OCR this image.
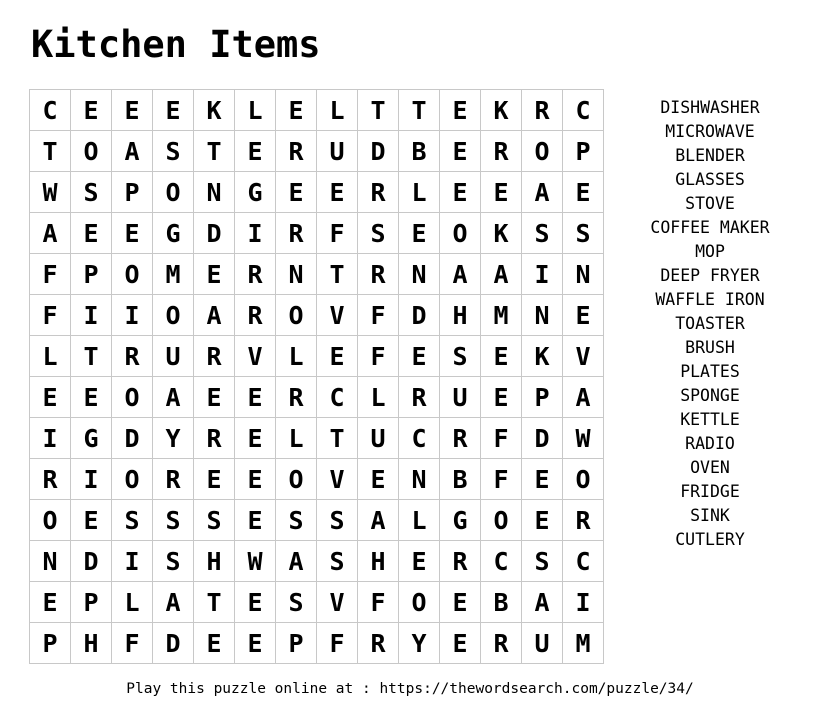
Kitchen Items
C	E	E	E	K	L	E	L	T	T	E	K	R	C
T	O	A	S	T	E	R	U	D	B	E	R	O	P
W	S	P	O	N	G	E	E	R	L	E	E	A	E
A	E	E	G	D	I	R	F	S	E	O	K	S	S
F	P	O	M	E	R	N	T	R	N	A	A	I	N
F	I	I	O	A	R	O	V	F	D	H	M	N	E
L	T	R	U	R	V	L	E	F	E	S	E	K	V
E	E	O	A	E	E	R	C	L	R	U	E	P	A
I	G	D	Y	R	E	L	T	U	C	R	F	D	W
R	I	O	R	E	E	O	V	E	N	B	F	E	O
O	E	S	S	S	E	S	S	A	L	G	O	E	R
N	D	I	S	H	W	A	S	H	E	R	C	S	C
E	P	L	A	T	E	S	V	F	O	E	B	A	I
P	H	F	D	E	E	P	F	R	Y	E	R	U	M
DISHWASHER
MICROWAVE
BLENDER
GLASSES
STOVE
COFFEE MAKER
MOP
DEEP FRYER
WAFFLE IRON
TOASTER
BRUSH
PLATES
SPONGE
KETTLE
RADIO
OVEN
FRIDGE
SINK
CUTLERY
Play this puzzle online at : https://thewordsearch.com/puzzle/34/
